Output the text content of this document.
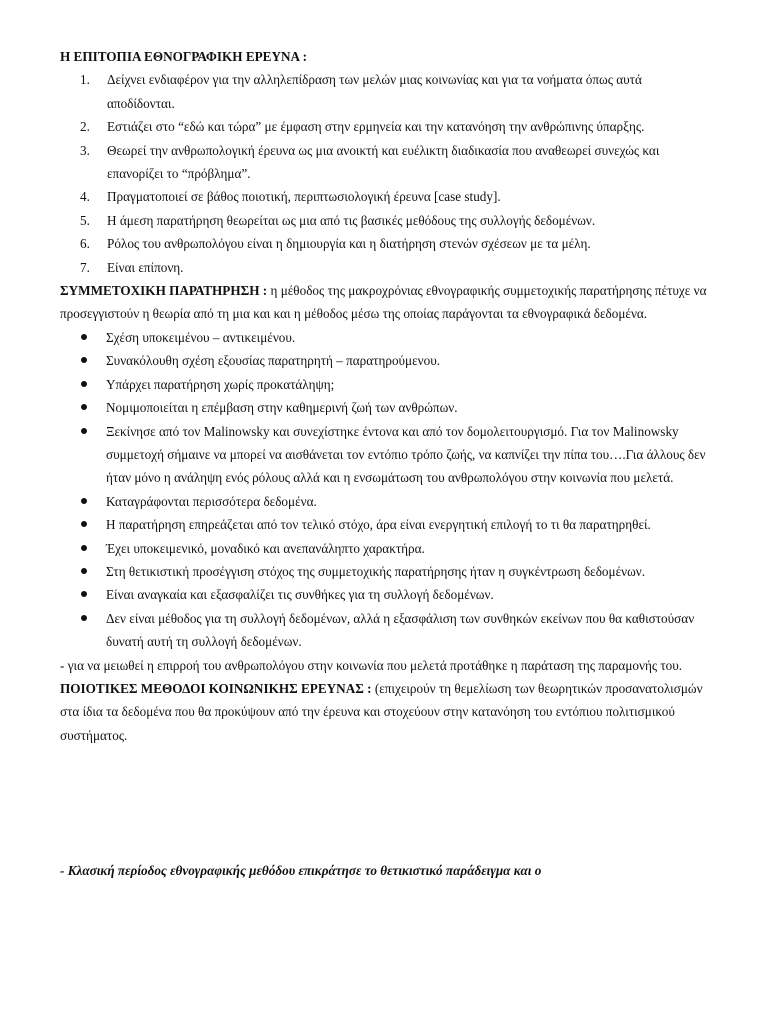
Η ΕΠΙΤΟΠΙΑ ΕΘΝΟΓΡΑΦΙΚΗ ΕΡΕΥΝΑ :
1. Δείχνει ενδιαφέρον για την αλληλεπίδραση των μελών μιας κοινωνίας και για τα νοήματα όπως αυτά αποδίδονται.
2. Εστιάζει στο “εδώ και τώρα” με έμφαση στην ερμηνεία και την κατανόηση την ανθρώπινης ύπαρξης.
3. Θεωρεί την ανθρωπολογική έρευνα ως μια ανοικτή και ευέλικτη διαδικασία που αναθεωρεί συνεχώς και επανορίζει το “πρόβλημα”.
4. Πραγματοποιεί σε βάθος ποιοτική, περιπτωσιολογική έρευνα [case study].
5. Η άμεση παρατήρηση θεωρείται ως μια από τις βασικές μεθόδους της συλλογής δεδομένων.
6. Ρόλος του ανθρωπολόγου είναι η δημιουργία και η διατήρηση στενών σχέσεων με τα μέλη.
7. Είναι επίπονη.

ΣΥΜΜΕΤΟΧΙΚΗ ΠΑΡΑΤΗΡΗΣΗ : η μέθοδος της μακροχρόνιας εθνογραφικής συμμετοχικής παρατήρησης πέτυχε να προσεγγιστούν η θεωρία από τη μια και και η μέθοδος μέσω της οποίας παράγονται τα εθνογραφικά δεδομένα.

Σχέση υποκειμένου – αντικειμένου.
Συνακόλουθη σχέση εξουσίας παρατηρητή – παρατηρούμενου.
Υπάρχει παρατήρηση χωρίς προκατάληψη;
Νομιμοποιείται η επέμβαση στην καθημερινή ζωή των ανθρώπων.
Ξεκίνησε από τον Malinowsky και συνεχίστηκε έντονα και από τον δομολειτουργισμό. Για τον Malinowsky συμμετοχή σήμαινε να μπορεί να αισθάνεται τον εντόπιο τρόπο ζωής, να καπνίζει την πίπα του….Για άλλους δεν ήταν μόνο η ανάληψη ενός ρόλους αλλά και η ενσωμάτωση του ανθρωπολόγου στην κοινωνία που μελετά.
Καταγράφονται περισσότερα δεδομένα.
Η παρατήρηση επηρεάζεται από τον τελικό στόχο, άρα είναι ενεργητική επιλογή το τι θα παρατηρηθεί.
Έχει υποκειμενικό, μοναδικό και ανεπανάληπτο χαρακτήρα.
Στη θετικιστική προσέγγιση στόχος της συμμετοχικής παρατήρησης ήταν η συγκέντρωση δεδομένων.
Είναι αναγκαία και εξασφαλίζει τις συνθήκες για τη συλλογή δεδομένων.
Δεν είναι μέθοδος για τη συλλογή δεδομένων, αλλά η εξασφάλιση των συνθηκών εκείνων που θα καθιστούσαν δυνατή αυτή τη συλλογή δεδομένων.

- για να μειωθεί η επιρροή του ανθρωπολόγου στην κοινωνία που μελετά προτάθηκε η παράταση της παραμονής του.

ΠΟΙΟΤΙΚΕΣ ΜΕΘΟΔΟΙ ΚΟΙΝΩΝΙΚΗΣ ΕΡΕΥΝΑΣ : (επιχειρούν τη θεμελίωση των θεωρητικών προσανατολισμών στα ίδια τα δεδομένα που θα προκύψουν από την έρευνα και στοχεύουν στην κατανόηση του εντόπιου πολιτισμικού συστήματος.

- Κλασική περίοδος εθνογραφικής μεθόδου επικράτησε το θετικιστικό παράδειγμα και ο
